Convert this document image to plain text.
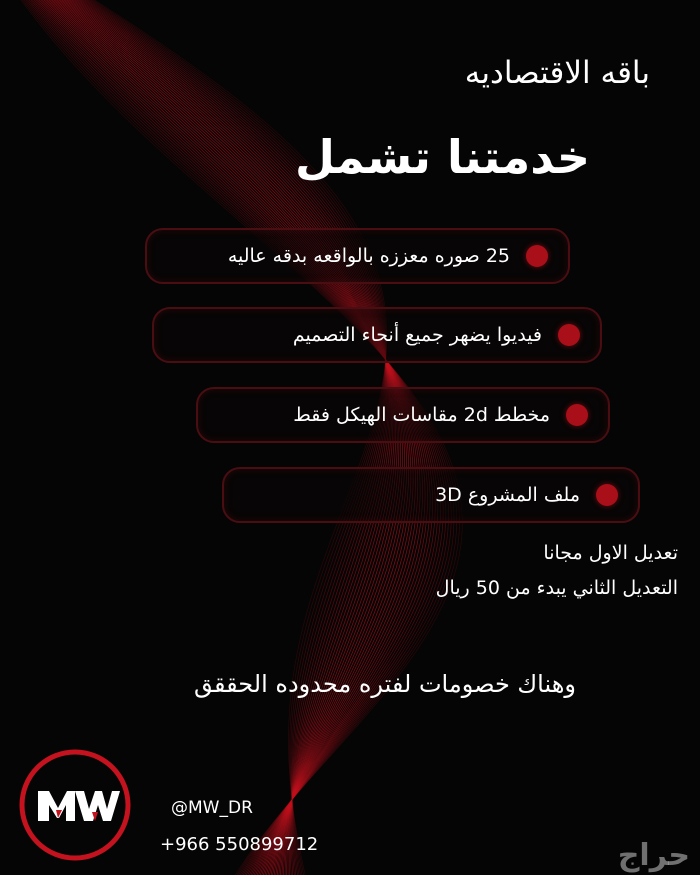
باقه الاقتصاديه
خدمتنا تشمل
25 صوره معززه بالواقعه بدقه عاليه
فيديوا يضهر جميع أنحاء التصميم
مخطط 2d مقاسات الهيكل فقط
ملف المشروع 3D
تعديل الاول مجانا
التعديل الثاني يبدء من 50 ريال
وهناك خصومات لفتره محدوده الحققق
@MW_DR
+966 550899712	حراج
